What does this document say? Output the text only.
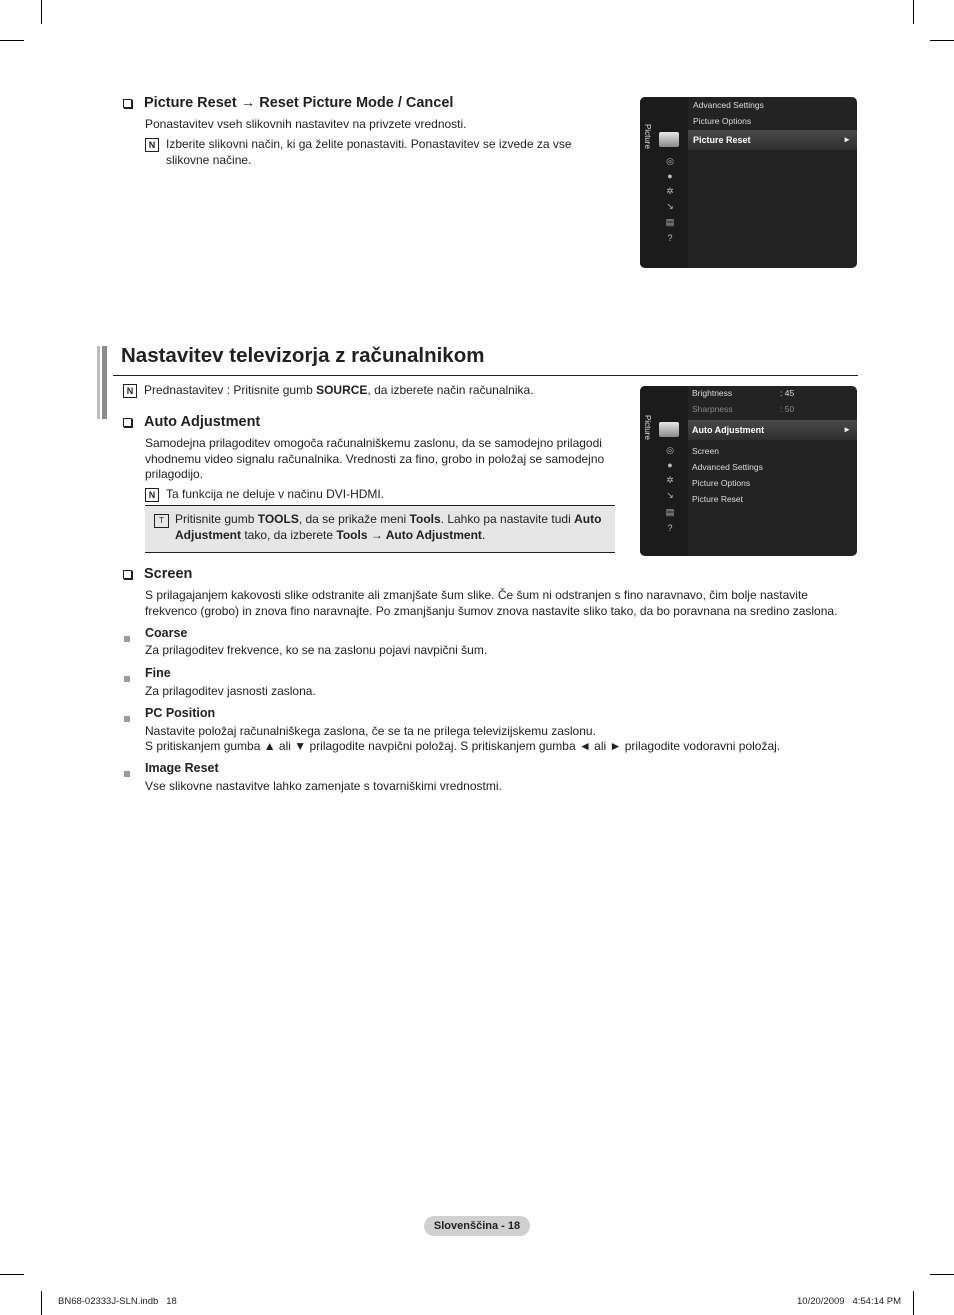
Picture Reset → Reset Picture Mode / Cancel
Ponastavitev vseh slikovnih nastavitev na privzete vrednosti.
N Izberite slikovni način, ki ga želite ponastaviti. Ponastavitev se izvede za vse slikovne načine.
Picture
◎
●
✲
↘
▤
?
Advanced Settings
Picture Options
Picture Reset	►
Nastavitev televizorja z računalnikom
N Prednastavitev : Pritisnite gumb SOURCE, da izberete način računalnika.
Auto Adjustment
Samodejna prilagoditev omogoča računalniškemu zaslonu, da se samodejno prilagodi vhodnemu video signalu računalnika. Vrednosti za fino, grobo in položaj se samodejno prilagodijo.
N Ta funkcija ne deluje v načinu DVI-HDMI.
T Pritisnite gumb TOOLS, da se prikaže meni Tools. Lahko pa nastavite tudi Auto Adjustment tako, da izberete Tools → Auto Adjustment.
Picture
◎
●
✲
↘
▤
?
Brightness	: 45
Sharpness	: 50
Auto Adjustment	►
Screen
Advanced Settings
Picture Options
Picture Reset
Screen
S prilagajanjem kakovosti slike odstranite ali zmanjšate šum slike. Če šum ni odstranjen s fino naravnavo, čim bolje nastavite frekvenco (grobo) in znova fino naravnajte. Po zmanjšanju šumov znova nastavite sliko tako, da bo poravnana na sredino zaslona.
Coarse
Za prilagoditev frekvence, ko se na zaslonu pojavi navpični šum.
Fine
Za prilagoditev jasnosti zaslona.
PC Position
Nastavite položaj računalniškega zaslona, če se ta ne prilega televizijskemu zaslonu.
S pritiskanjem gumba ▲ ali ▼ prilagodite navpični položaj. S pritiskanjem gumba ◄ ali ► prilagodite vodoravni položaj.
Image Reset
Vse slikovne nastavitve lahko zamenjate s tovarniškimi vrednostmi.
Slovenščina - 18
BN68-02333J-SLN.indb   18	10/20/2009   4:54:14 PM
